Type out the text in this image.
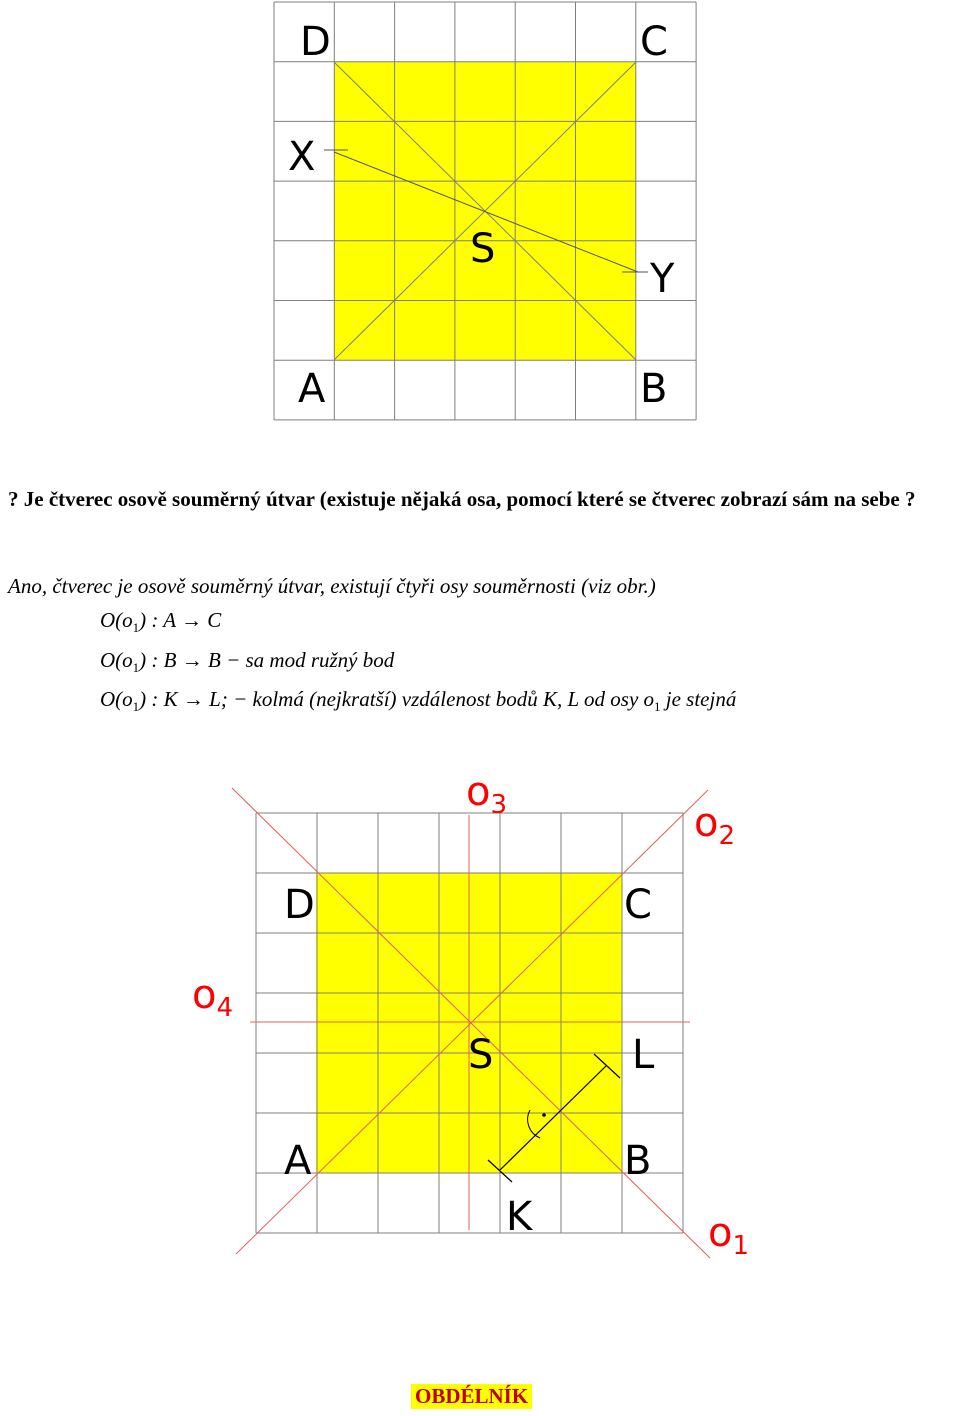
D	C
X
S
Y
A	B
? Je čtverec osově souměrný útvar (existuje nějaká osa, pomocí které se čtverec zobrazí sám na sebe ?
Ano, čtverec je osově souměrný útvar, existují čtyři osy souměrnosti (viz obr.)
$O(o_1)$ : A → C
$O(o_1)$ : B → B − sa mod ružný bod
$O(o_1)$ : K → L; − kolmá (nejkratší) vzdálenost bodů K, L od osy $o_1$ je stejná
D	C
S	L
A	B
K
$o_3$	$o_2$
$o_4$
$o_1$
OBDÉLNÍK
